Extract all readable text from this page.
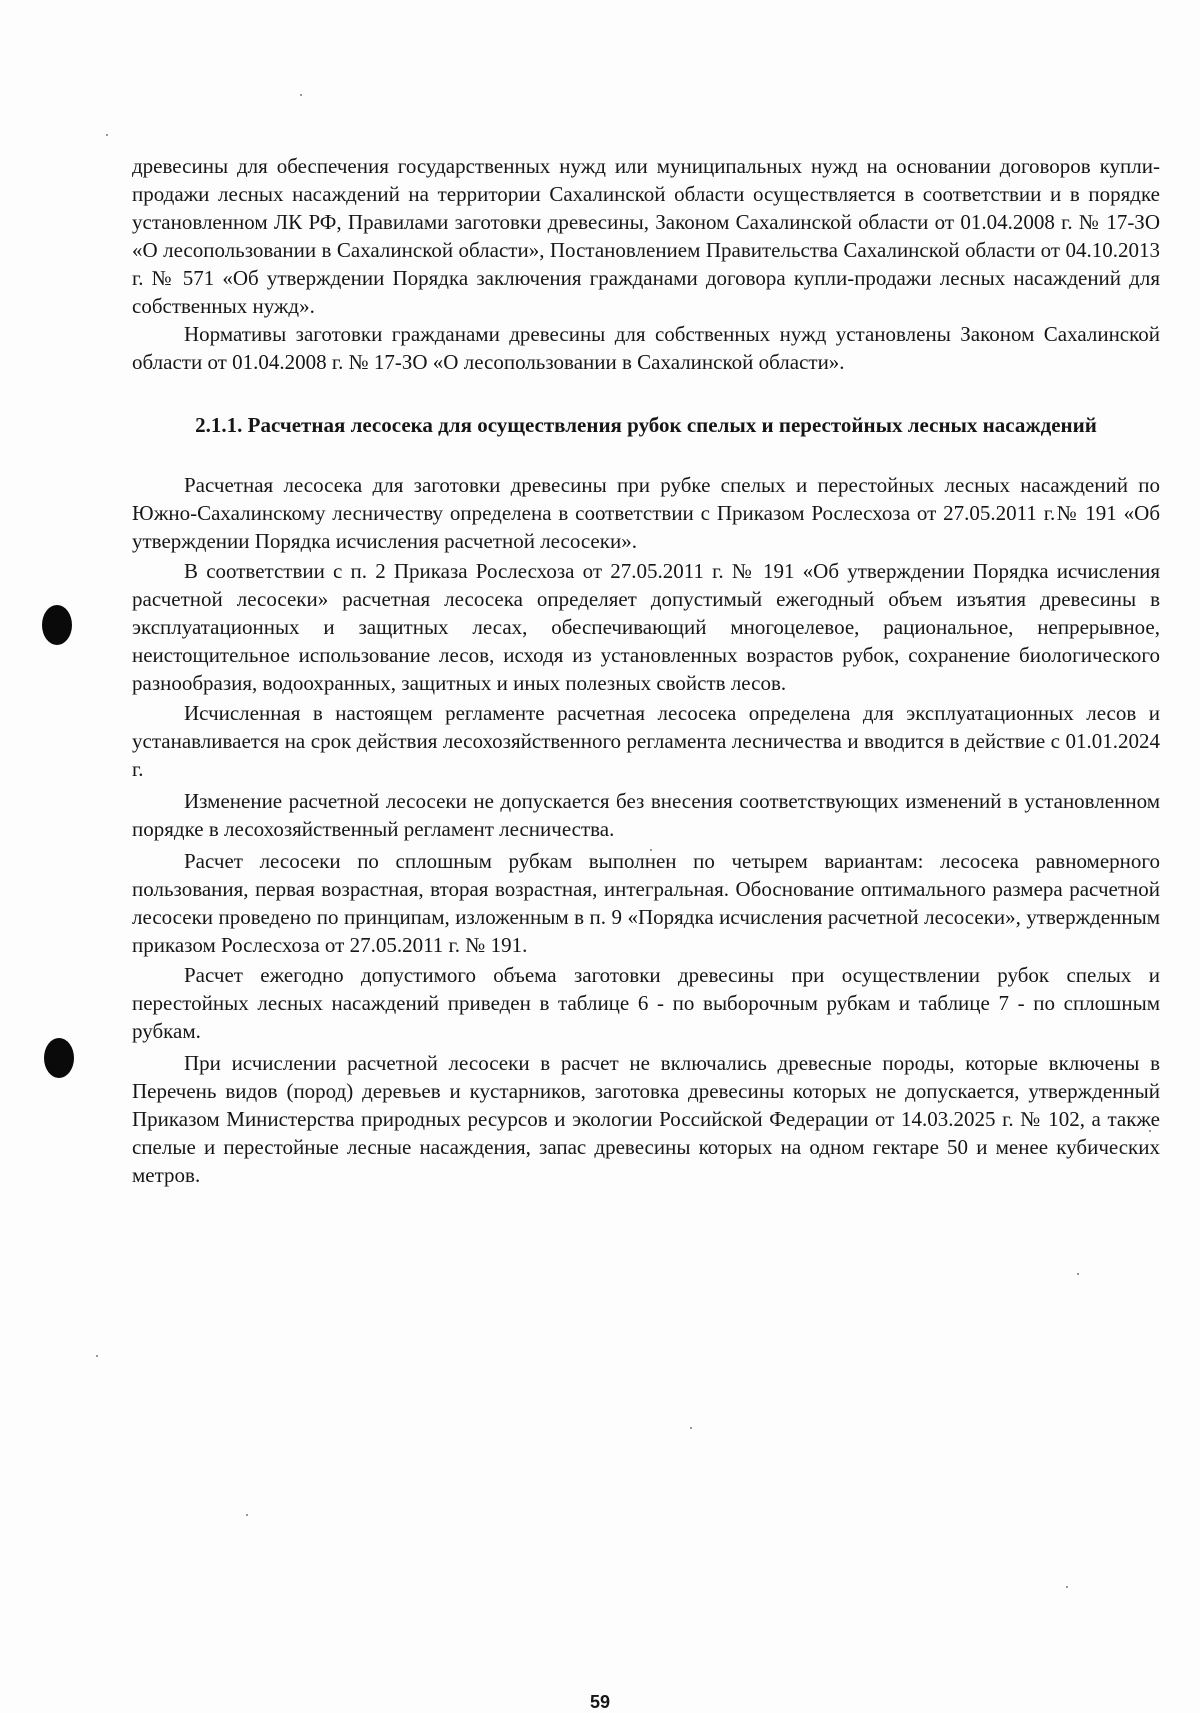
древесины для обеспечения государственных нужд или муниципальных нужд на основании договоров купли-продажи лесных насаждений на территории Сахалинской области осуществляется в соответствии и в порядке установленном ЛК РФ, Правилами заготовки древесины, Законом Сахалинской области от 01.04.2008 г. № 17-ЗО «О лесопользовании в Сахалинской области», Постановлением Правительства Сахалинской области от 04.10.2013 г. № 571 «Об утверждении Порядка заключения гражданами договора купли-продажи лесных насаждений для собственных нужд».

Нормативы заготовки гражданами древесины для собственных нужд установлены Законом Сахалинской области от 01.04.2008 г. № 17-ЗО «О лесопользовании в Сахалинской области».

2.1.1. Расчетная лесосека для осуществления рубок спелых и перестойных лесных насаждений

Расчетная лесосека для заготовки древесины при рубке спелых и перестойных лесных насаждений по Южно-Сахалинскому лесничеству определена в соответствии с Приказом Рослесхоза от 27.05.2011 г.№ 191 «Об утверждении Порядка исчисления расчетной лесосеки».

В соответствии с п. 2 Приказа Рослесхоза от 27.05.2011 г. № 191 «Об утверждении Порядка исчисления расчетной лесосеки» расчетная лесосека определяет допустимый ежегодный объем изъятия древесины в эксплуатационных и защитных лесах, обеспечивающий многоцелевое, рациональное, непрерывное, неистощительное использование лесов, исходя из установленных возрастов рубок, сохранение биологического разнообразия, водоохранных, защитных и иных полезных свойств лесов.

Исчисленная в настоящем регламенте расчетная лесосека определена для эксплуатационных лесов и устанавливается на срок действия лесохозяйственного регламента лесничества и вводится в действие с 01.01.2024 г.

Изменение расчетной лесосеки не допускается без внесения соответствующих изменений в установленном порядке в лесохозяйственный регламент лесничества.

Расчет лесосеки по сплошным рубкам выполнен по четырем вариантам: лесосека равномерного пользования, первая возрастная, вторая возрастная, интегральная. Обоснование оптимального размера расчетной лесосеки проведено по принципам, изложенным в п. 9 «Порядка исчисления расчетной лесосеки», утвержденным приказом Рослесхоза от 27.05.2011 г. № 191.

Расчет ежегодно допустимого объема заготовки древесины при осуществлении рубок спелых и перестойных лесных насаждений приведен в таблице 6 - по выборочным рубкам и таблице 7 - по сплошным рубкам.

При исчислении расчетной лесосеки в расчет не включались древесные породы, которые включены в Перечень видов (пород) деревьев и кустарников, заготовка древесины которых не допускается, утвержденный Приказом Министерства природных ресурсов и экологии Российской Федерации от 14.03.2025 г. № 102, а также спелые и перестойные лесные насаждения, запас древесины которых на одном гектаре 50 и менее кубических метров.

59
